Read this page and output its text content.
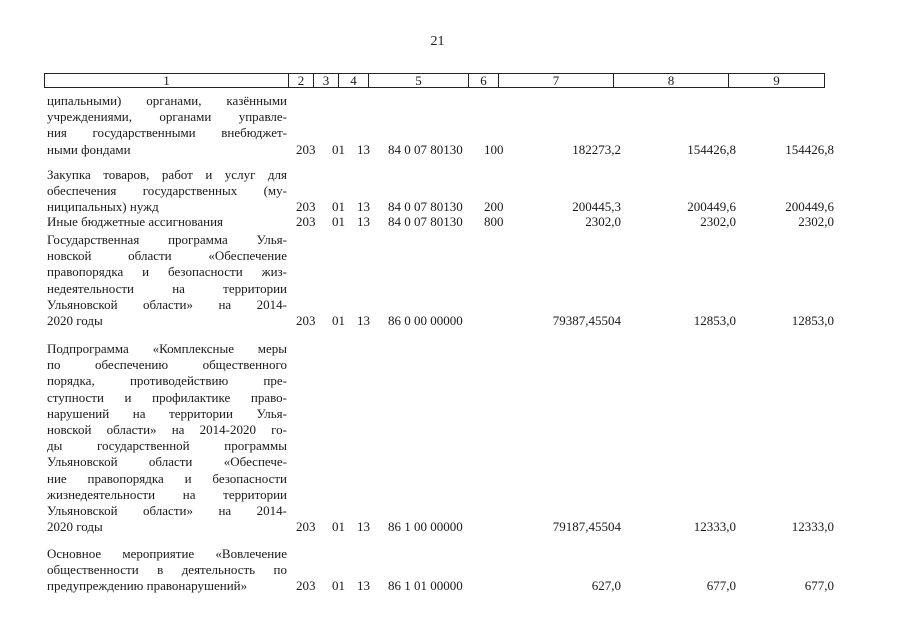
21
1	2	3	4	5	6	7	8	9
ципальными) органами, казёнными
учреждениями, органами управле-
ния государственными внебюджет-
ными фондами	203 01 13 84 0 07 80130 100	182273,2	154426,8	154426,8
Закупка товаров, работ и услуг для
обеспечения государственных (му-
ниципальных) нужд	203 01 13 84 0 07 80130 200	200445,3	200449,6	200449,6
Иные бюджетные ассигнования	203 01 13 84 0 07 80130 800	2302,0	2302,0	2302,0
Государственная программа Улья-
новской области «Обеспечение
правопорядка и безопасности жиз-
недеятельности на территории
Ульяновской области» на 2014-
2020 годы	203 01 13 86 0 00 00000	79387,45504	12853,0	12853,0
Подпрограмма «Комплексные меры
по обеспечению общественного
порядка, противодействию пре-
ступности и профилактике право-
нарушений на территории Улья-
новской области» на 2014-2020 го-
ды государственной программы
Ульяновской области «Обеспече-
ние правопорядка и безопасности
жизнедеятельности на территории
Ульяновской области» на 2014-
2020 годы	203 01 13 86 1 00 00000	79187,45504	12333,0	12333,0
Основное мероприятие «Вовлечение
общественности в деятельность по
предупреждению правонарушений»	203 01 13 86 1 01 00000	627,0	677,0	677,0
